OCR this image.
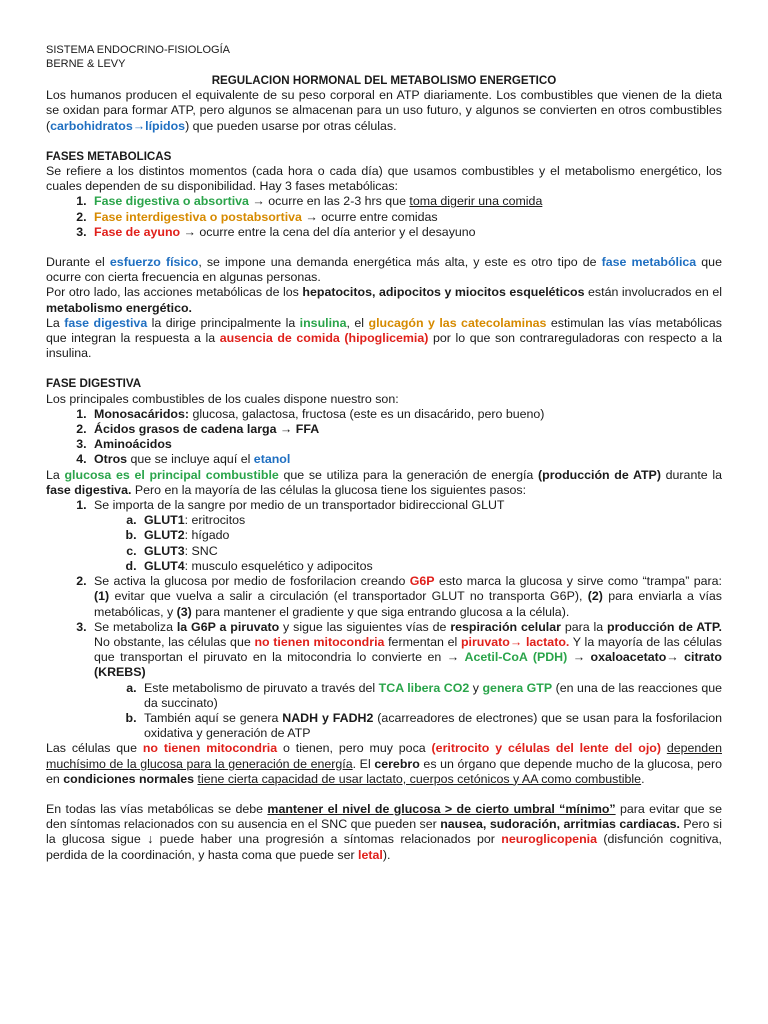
SISTEMA ENDOCRINO-FISIOLOGÍA
BERNE & LEVY
REGULACION HORMONAL DEL METABOLISMO ENERGETICO

Los humanos producen el equivalente de su peso corporal en ATP diariamente. Los combustibles que vienen de la dieta se oxidan para formar ATP, pero algunos se almacenan para un uso futuro, y algunos se convierten en otros combustibles (carbohidratos→lípidos) que pueden usarse por otras células.

FASES METABOLICAS

Se refiere a los distintos momentos (cada hora o cada día) que usamos combustibles y el metabolismo energético, los cuales dependen de su disponibilidad. Hay 3 fases metabólicas:

1. Fase digestiva o absortiva → ocurre en las 2-3 hrs que toma digerir una comida
2. Fase interdigestiva o postabsortiva → ocurre entre comidas
3. Fase de ayuno → ocurre entre la cena del día anterior y el desayuno

Durante el esfuerzo físico, se impone una demanda energética más alta, y este es otro tipo de fase metabólica que ocurre con cierta frecuencia en algunas personas.

Por otro lado, las acciones metabólicas de los hepatocitos, adipocitos y miocitos esqueléticos están involucrados en el metabolismo energético.

La fase digestiva la dirige principalmente la insulina, el glucagón y las catecolaminas estimulan las vías metabólicas que integran la respuesta a la ausencia de comida (hipoglicemia) por lo que son contrareguladoras con respecto a la insulina.

FASE DIGESTIVA

Los principales combustibles de los cuales dispone nuestro son:

1. Monosacáridos: glucosa, galactosa, fructosa (este es un disacárido, pero bueno)
2. Ácidos grasos de cadena larga → FFA
3. Aminoácidos
4. Otros que se incluye aquí el etanol

La glucosa es el principal combustible que se utiliza para la generación de energía (producción de ATP) durante la fase digestiva. Pero en la mayoría de las células la glucosa tiene los siguientes pasos:

1. Se importa de la sangre por medio de un transportador bidireccional GLUT
a. GLUT1: eritrocitos
b. GLUT2: hígado
c. GLUT3: SNC
d. GLUT4: musculo esquelético y adipocitos
2. Se activa la glucosa por medio de fosforilacion creando G6P esto marca la glucosa y sirve como “trampa” para: (1) evitar que vuelva a salir a circulación (el transportador GLUT no transporta G6P), (2) para enviarla a vías metabólicas, y (3) para mantener el gradiente y que siga entrando glucosa a la célula).
3. Se metaboliza la G6P a piruvato y sigue las siguientes vías de respiración celular para la producción de ATP. No obstante, las células que no tienen mitocondria fermentan el piruvato→ lactato. Y la mayoría de las células que transportan el piruvato en la mitocondria lo convierte en → Acetil-CoA (PDH) → oxaloacetato→ citrato (KREBS)
a. Este metabolismo de piruvato a través del TCA libera CO2 y genera GTP (en una de las reacciones que da succinato)
b. También aquí se genera NADH y FADH2 (acarreadores de electrones) que se usan para la fosforilacion oxidativa y generación de ATP

Las células que no tienen mitocondria o tienen, pero muy poca (eritrocito y células del lente del ojo) dependen muchísimo de la glucosa para la generación de energía. El cerebro es un órgano que depende mucho de la glucosa, pero en condiciones normales tiene cierta capacidad de usar lactato, cuerpos cetónicos y AA como combustible.

En todas las vías metabólicas se debe mantener el nivel de glucosa > de cierto umbral “mínimo” para evitar que se den síntomas relacionados con su ausencia en el SNC que pueden ser nausea, sudoración, arritmias cardiacas. Pero si la glucosa sigue ↓ puede haber una progresión a síntomas relacionados por neuroglicopenia (disfunción cognitiva, perdida de la coordinación, y hasta coma que puede ser letal).
